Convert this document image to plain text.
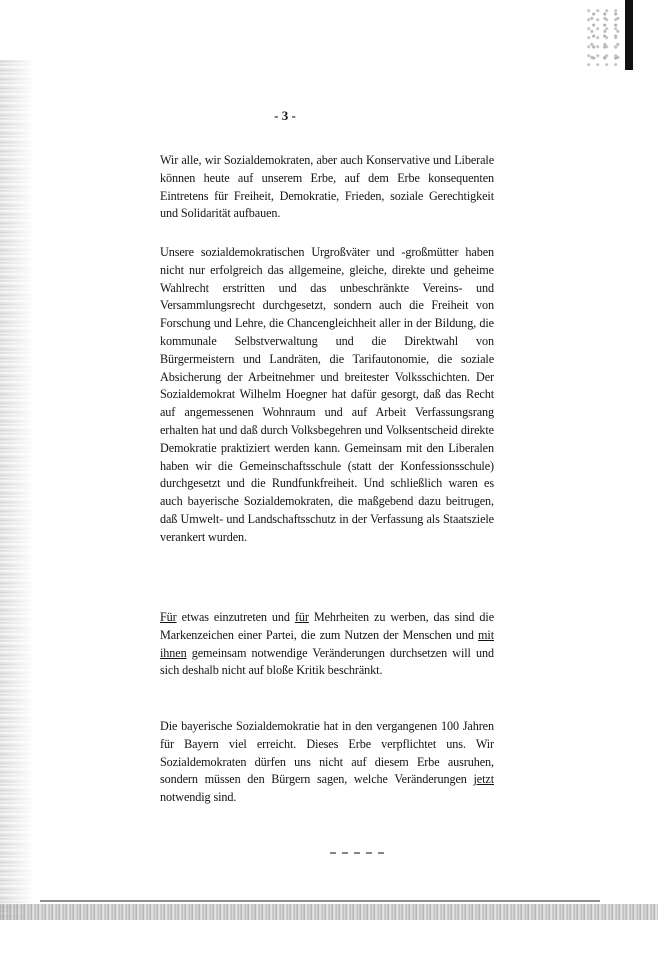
- 3 -

Wir alle, wir Sozialdemokraten, aber auch Konservative und Liberale können heute auf unserem Erbe, auf dem Erbe konsequenten Eintretens für Freiheit, Demokratie, Frieden, soziale Gerechtigkeit und Solidarität aufbauen.

Unsere sozialdemokratischen Urgroßväter und -großmütter haben nicht nur erfolgreich das allgemeine, gleiche, direkte und geheime Wahlrecht erstritten und das unbeschränkte Vereins- und Versammlungsrecht durchgesetzt, sondern auch die Freiheit von Forschung und Lehre, die Chancengleichheit aller in der Bildung, die kommunale Selbstverwaltung und die Direktwahl von Bürgermeistern und Landräten, die Tarifautonomie, die soziale Absicherung der Arbeitnehmer und breitester Volksschichten. Der Sozialdemokrat Wilhelm Hoegner hat dafür gesorgt, daß das Recht auf angemessenen Wohnraum und auf Arbeit Verfassungsrang erhalten hat und daß durch Volksbegehren und Volksentscheid direkte Demokratie praktiziert werden kann. Gemeinsam mit den Liberalen haben wir die Gemeinschaftsschule (statt der Konfessionsschule) durchgesetzt und die Rundfunkfreiheit. Und schließlich waren es auch bayerische Sozialdemokraten, die maßgebend dazu beitrugen, daß Umwelt- und Landschaftsschutz in der Verfassung als Staatsziele verankert wurden.

Für etwas einzutreten und für Mehrheiten zu werben, das sind die Markenzeichen einer Partei, die zum Nutzen der Menschen und mit ihnen gemeinsam notwendige Veränderungen durchsetzen will und sich deshalb nicht auf bloße Kritik beschränkt.

Die bayerische Sozialdemokratie hat in den vergangenen 100 Jahren für Bayern viel erreicht. Dieses Erbe verpflichtet uns. Wir Sozialdemokraten dürfen uns nicht auf diesem Erbe ausruhen, sondern müssen den Bürgern sagen, welche Veränderungen jetzt notwendig sind.
